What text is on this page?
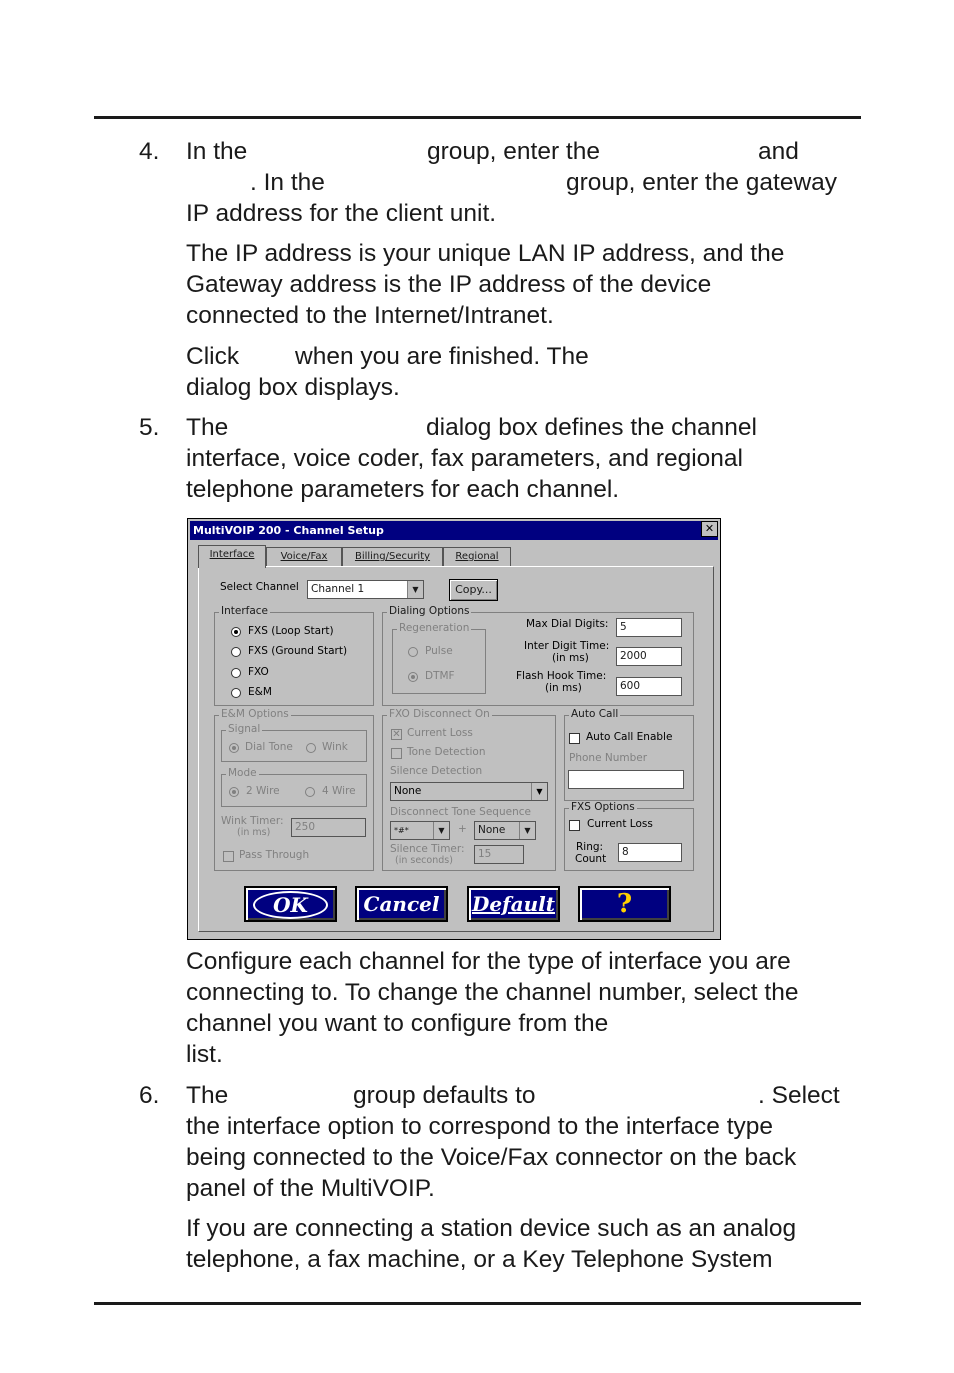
4. In the	group, enter the	and
. In the	group, enter the gateway
IP address for the client unit.
The IP address is your unique LAN IP address, and the
Gateway address is the IP address of the device
connected to the Internet/Intranet.
Click when you are finished. The
dialog box displays.
5. The	dialog box defines the channel
interface, voice coder, fax parameters, and regional
telephone parameters for each channel.
MultiVOIP 200 - Channel Setup	✕
Interface	Voice/Fax	Billing/Security	Regional
Select Channel	Channel 1	▼	Copy...
Interface
FXS (Loop Start)
FXS (Ground Start)
FXO
E&M
Dialing Options
Regeneration
Pulse
DTMF
Max Dial Digits:	5
Inter Digit Time:
(in ms)	2000
Flash Hook Time:
(in ms)	600
E&M Options
Signal
Dial Tone	Wink
Mode
2 Wire	4 Wire
Wink Timer:
(in ms)	250
Pass Through
FXO Disconnect On
✕ Current Loss
Tone Detection
Silence Detection
None	▼
Disconnect Tone Sequence
*#*	▼	+	None	▼
Silence Timer:
(in seconds)
15
Auto Call
Auto Call Enable
Phone Number
FXS Options
Current Loss
Ring:
Count
8
OK	Cancel	Default	?
Configure each channel for the type of interface you are
connecting to. To change the channel number, select the
channel you want to configure from the
list.
6. The	group defaults to	. Select
the interface option to correspond to the interface type
being connected to the Voice/Fax connector on the back
panel of the MultiVOIP.
If you are connecting a station device such as an analog
telephone, a fax machine, or a Key Telephone System
